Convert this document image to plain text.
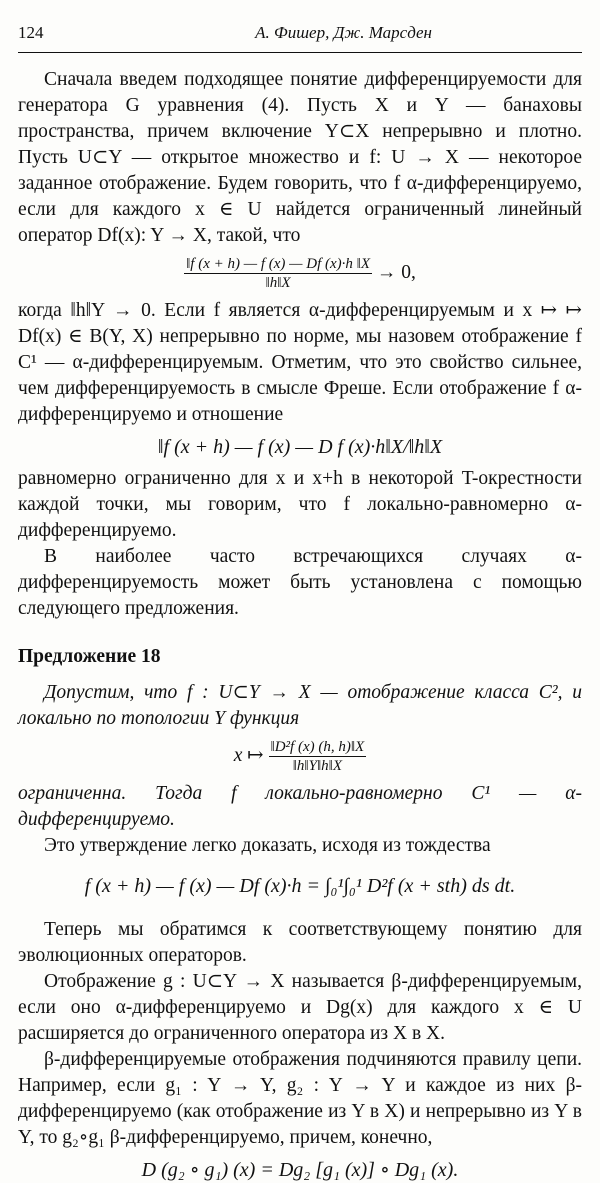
124	А. Фишер, Дж. Марсден

Сначала введем подходящее понятие дифференцируемости для генератора G уравнения (4). Пусть X и Y — банаховы пространства, причем включение Y⊂X непрерывно и плотно. Пусть U⊂Y — открытое множество и f: U → X — некоторое заданное отображение. Будем говорить, что f α-дифференцируемо, если для каждого x ∈ U найдется ограниченный линейный оператор Df(x): Y → X, такой, что

$\frac{‖f (x + h) — f (x) — Df (x)\cdot h ‖X}{‖h‖X} \to 0$,

когда ‖h‖Y → 0. Если f является α-дифференцируемым и x ↦ ↦ Df(x) ∈ B(Y, X) непрерывно по норме, мы назовем отображение f C¹ — α-дифференцируемым. Отметим, что это свойство сильнее, чем дифференцируемость в смысле Фреше. Если отображение f α-дифференцируемо и отношение

‖f (x + h) — f (x) — D f (x)·h‖X/‖h‖X

равномерно ограниченно для x и x+h в некоторой T-окрестности каждой точки, мы говорим, что f локально-равномерно α-дифференцируемо.

В наиболее часто встречающихся случаях α-дифференцируемость может быть установлена с помощью следующего предложения.

Предложение 18

Допустим, что f : U⊂Y → X — отображение класса C², и локально по топологии Y функция

x ↦ $\frac{\text{‖D²f (x) (h, h)‖X}}{‖h‖Y‖h‖X}$

ограниченна. Тогда f локально-равномерно C¹ — α-дифференцируемо.

Это утверждение легко доказать, исходя из тождества

f (x + h) — f (x) — Df (x)·h = ∫₀¹∫₀¹ D²f (x + sth) ds dt.

Теперь мы обратимся к соответствующему понятию для эволюционных операторов.

Отображение g : U⊂Y → X называется β-дифференцируемым, если оно α-дифференцируемо и Dg(x) для каждого x ∈ U расширяется до ограниченного оператора из X в X.

β-дифференцируемые отображения подчиняются правилу цепи. Например, если g₁ : Y → Y, g₂ : Y → Y и каждое из них β-дифференцируемо (как отображение из Y в X) и непрерывно из Y в Y, то g₂∘g₁ β-дифференцируемо, причем, конечно,

D (g₂ ∘ g₁) (x) = Dg₂ [g₁ (x)] ∘ Dg₁ (x).
